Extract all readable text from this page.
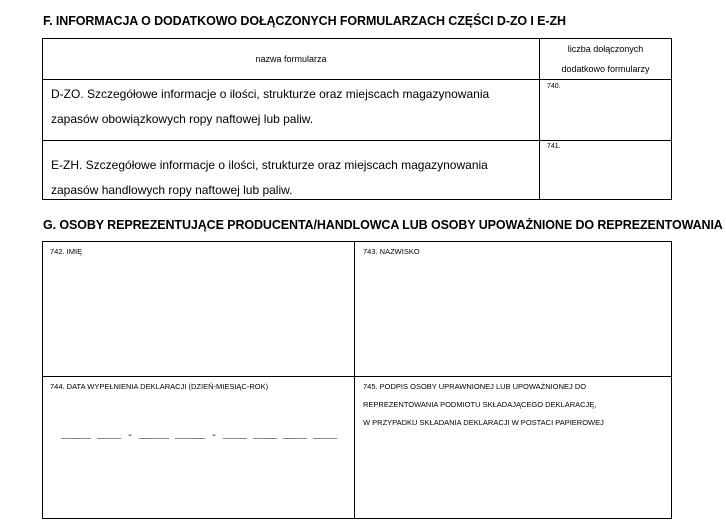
F. INFORMACJA O DODATKOWO DOŁĄCZONYCH FORMULARZACH CZĘŚCI D-ZO I E-ZH
nazwa formularza
liczba dołączonych
dodatkowo formularzy
D-ZO. Szczegółowe informacje o ilości, strukturze oraz miejscach magazynowania
zapasów obowiązkowych ropy naftowej lub paliw.
740.
E-ZH. Szczegółowe informacje o ilości, strukturze oraz miejscach magazynowania
zapasów handlowych ropy naftowej lub paliw.
741.
G. OSOBY REPREZENTUJĄCE PRODUCENTA/HANDLOWCA LUB OSOBY UPOWAŻNIONE DO REPREZENTOWANIA
742. IMIĘ	743. NAZWISKO
744. DATA WYPEŁNIENIA DEKLARACJI (DZIEŃ-MIESIĄC-ROK)
_____ ____ - _____ _____ - ____ ____ ____ ____
745. PODPIS OSOBY UPRAWNIONEJ LUB UPOWAŻNIONEJ DO
REPREZENTOWANIA PODMIOTU SKŁADAJĄCEGO DEKLARACJĘ,
W PRZYPADKU SKŁADANIA DEKLARACJI W POSTACI PAPIEROWEJ
